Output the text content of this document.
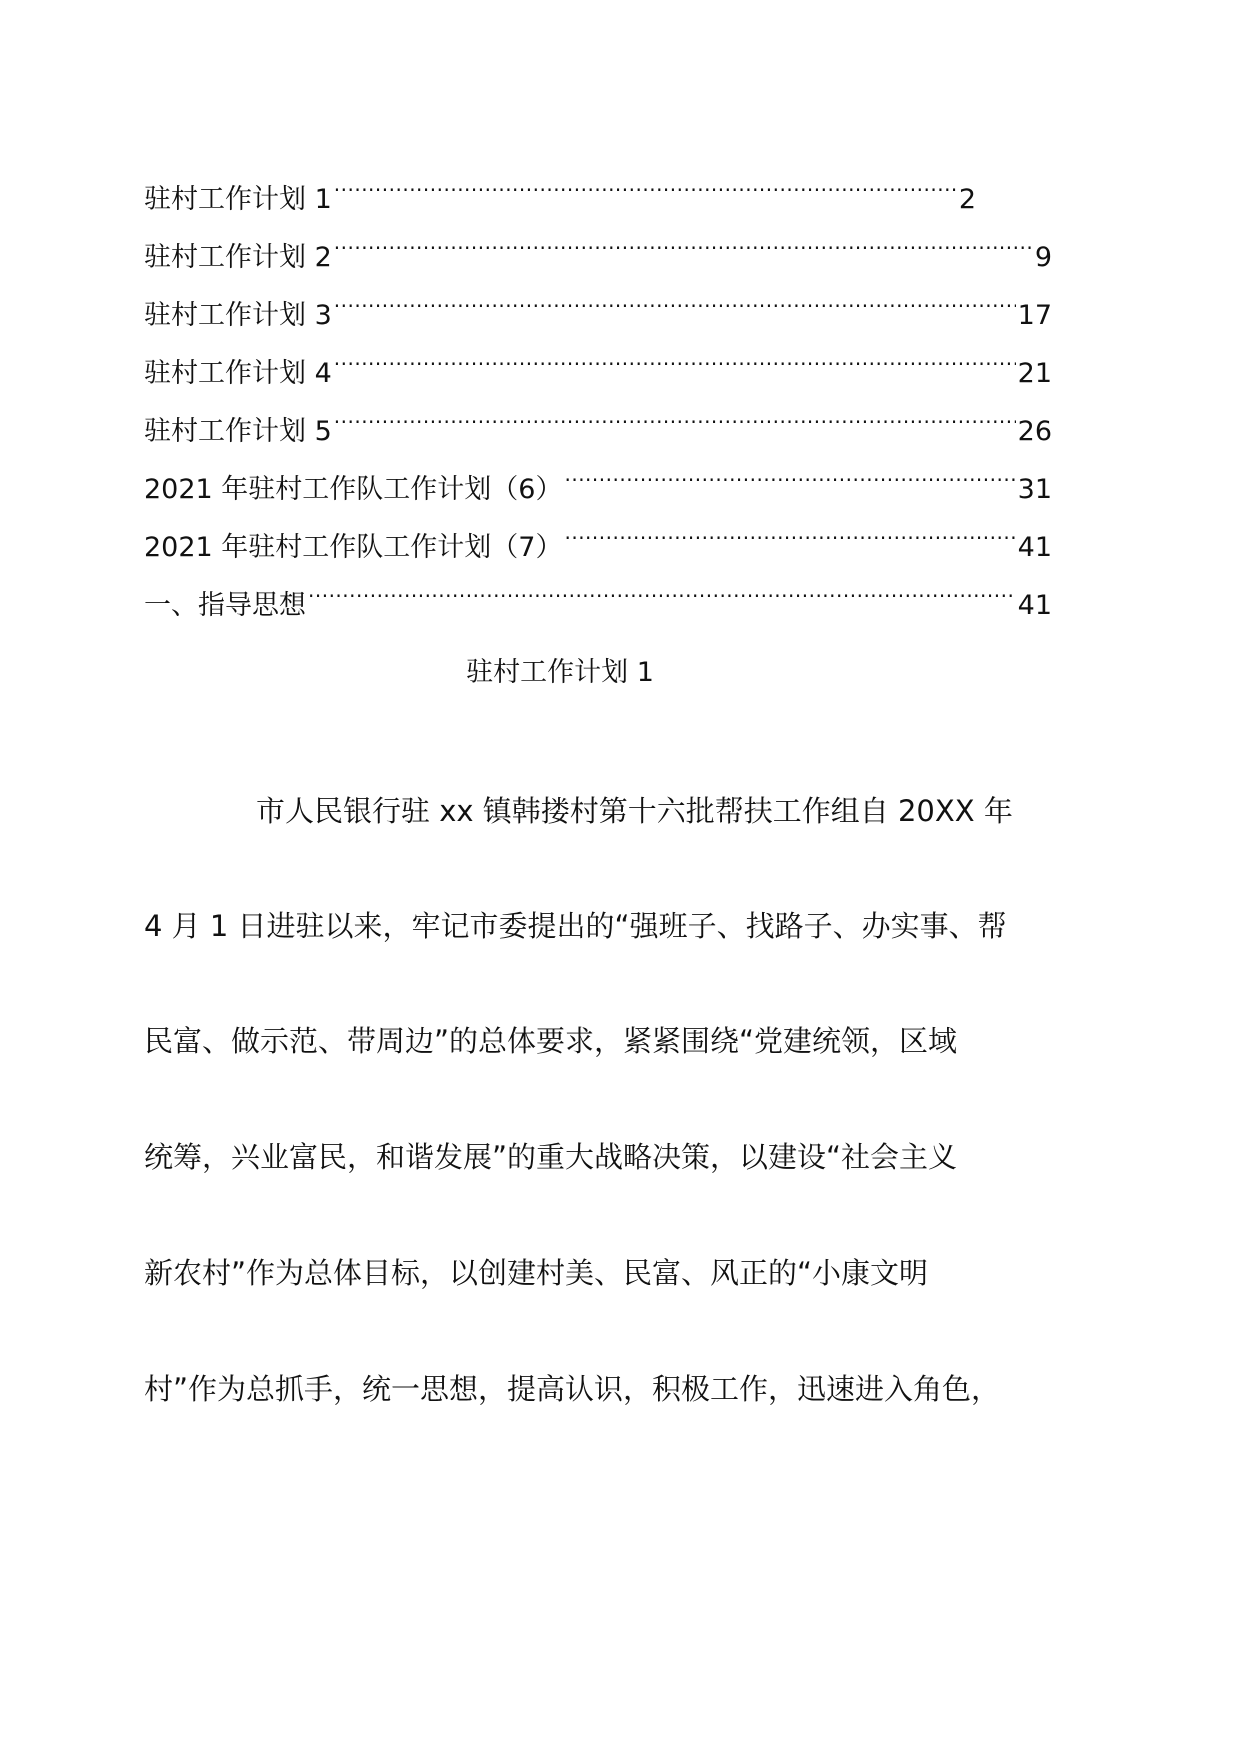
驻村工作计划 1 .....	2
驻村工作计划 2 .....	9
驻村工作计划 3 .....	17
驻村工作计划 4 .....	21
驻村工作计划 5 .....	26
2021 年驻村工作队工作计划（6） .....	31
2021 年驻村工作队工作计划（7） .....	41
一、指导思想 .....	41
驻村工作计划 1
市人民银行驻 xx 镇韩搂村第十六批帮扶工作组自 20XX 年
4 月 1 日进驻以来，牢记市委提出的“强班子、找路子、办实事、帮
民富、做示范、带周边”的总体要求，紧紧围绕“党建统领，区域
统筹，兴业富民，和谐发展”的重大战略决策，以建设“社会主义
新农村”作为总体目标，以创建村美、民富、风正的“小康文明
村”作为总抓手，统一思想，提高认识，积极工作，迅速进入角色，
